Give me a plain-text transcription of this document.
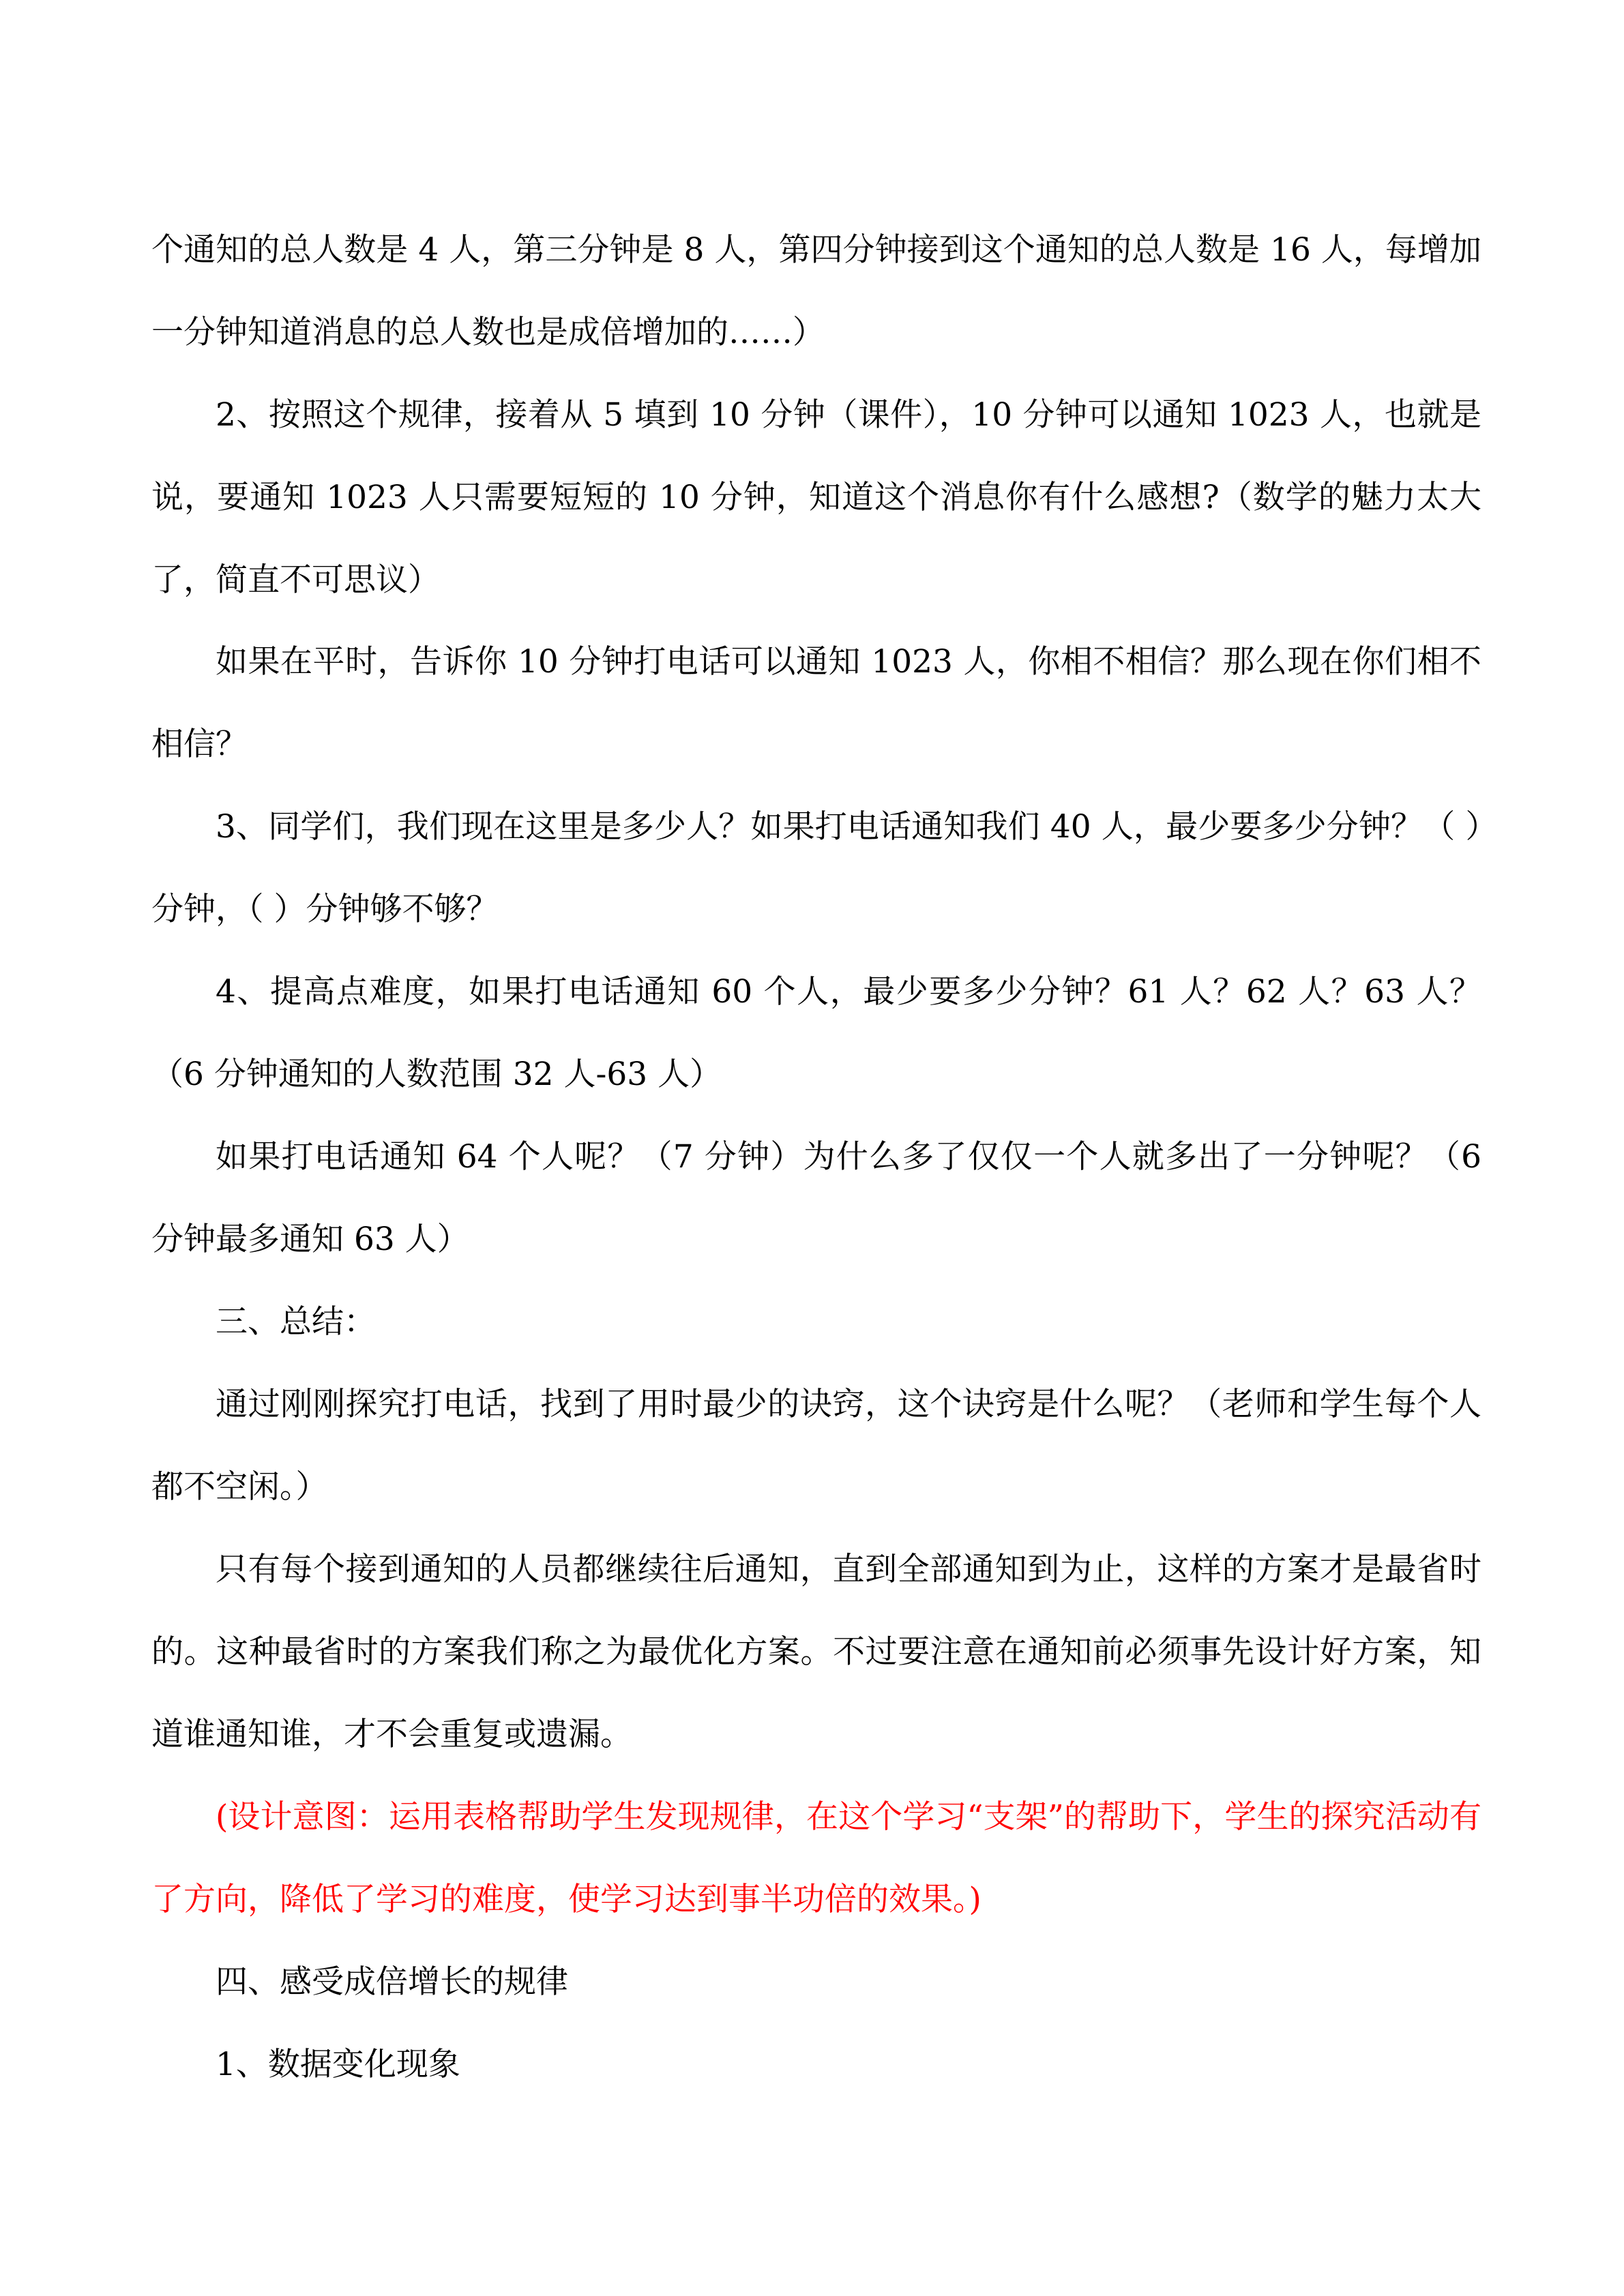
个通知的总人数是 4 人，第三分钟是 8 人，第四分钟接到这个通知的总人数是 16 人，每增加一分钟知道消息的总人数也是成倍增加的……）

2、按照这个规律，接着从 5 填到 10 分钟（课件），10 分钟可以通知 1023 人，也就是说，要通知 1023 人只需要短短的 10 分钟，知道这个消息你有什么感想?（数学的魅力太大了，简直不可思议）

如果在平时，告诉你 10 分钟打电话可以通知 1023 人，你相不相信？那么现在你们相不相信？

3、同学们，我们现在这里是多少人？如果打电话通知我们 40 人，最少要多少分钟？（ ）分钟，（ ）分钟够不够？

4、提高点难度，如果打电话通知 60 个人，最少要多少分钟？61 人？62 人？63 人？（6 分钟通知的人数范围 32 人-63 人）

如果打电话通知 64 个人呢？（7 分钟）为什么多了仅仅一个人就多出了一分钟呢？（6 分钟最多通知 63 人）

三、总结：

通过刚刚探究打电话，找到了用时最少的诀窍，这个诀窍是什么呢？（老师和学生每个人都不空闲。）

只有每个接到通知的人员都继续往后通知，直到全部通知到为止，这样的方案才是最省时的。这种最省时的方案我们称之为最优化方案。不过要注意在通知前必须事先设计好方案，知道谁通知谁，才不会重复或遗漏。

(设计意图：运用表格帮助学生发现规律，在这个学习“支架”的帮助下，学生的探究活动有了方向，降低了学习的难度，使学习达到事半功倍的效果。)

四、感受成倍增长的规律

1、数据变化现象
